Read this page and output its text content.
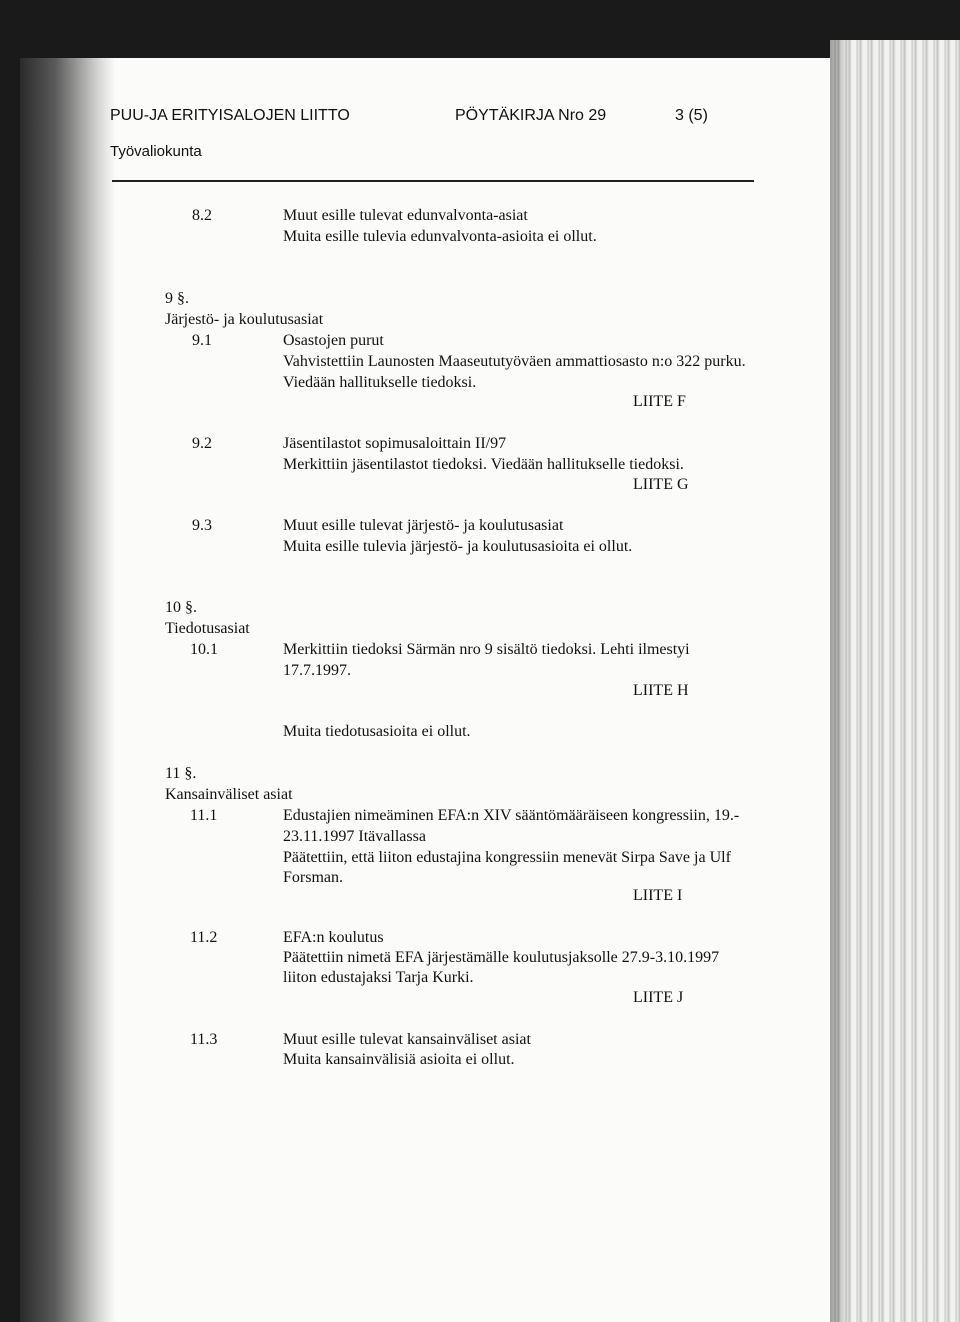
PUU-JA ERITYISALOJEN LIITTO	PÖYTÄKIRJA Nro 29	3 (5)
Työvaliokunta
8.2	Muut esille tulevat edunvalvonta-asiat
Muita esille tulevia edunvalvonta-asioita ei ollut.
9 §.
Järjestö- ja koulutusasiat
9.1	Osastojen purut
Vahvistettiin Launosten Maaseututyöväen ammattiosasto n:o 322 purku.
Viedään hallitukselle tiedoksi.
LIITE F
9.2	Jäsentilastot sopimusaloittain II/97
Merkittiin jäsentilastot tiedoksi. Viedään hallitukselle tiedoksi.
LIITE G
9.3	Muut esille tulevat järjestö- ja koulutusasiat
Muita esille tulevia järjestö- ja koulutusasioita ei ollut.
10 §.
Tiedotusasiat
10.1	Merkittiin tiedoksi Särmän nro 9 sisältö tiedoksi. Lehti ilmestyi
17.7.1997.
LIITE H
Muita tiedotusasioita ei ollut.
11 §.
Kansainväliset asiat
11.1	Edustajien nimeäminen EFA:n XIV sääntömääräiseen kongressiin, 19.-
23.11.1997 Itävallassa
Päätettiin, että liiton edustajina kongressiin menevät Sirpa Save ja Ulf
Forsman.
LIITE I
11.2	EFA:n koulutus
Päätettiin nimetä EFA järjestämälle koulutusjaksolle 27.9-3.10.1997
liiton edustajaksi Tarja Kurki.
LIITE J
11.3	Muut esille tulevat kansainväliset asiat
Muita kansainvälisiä asioita ei ollut.
